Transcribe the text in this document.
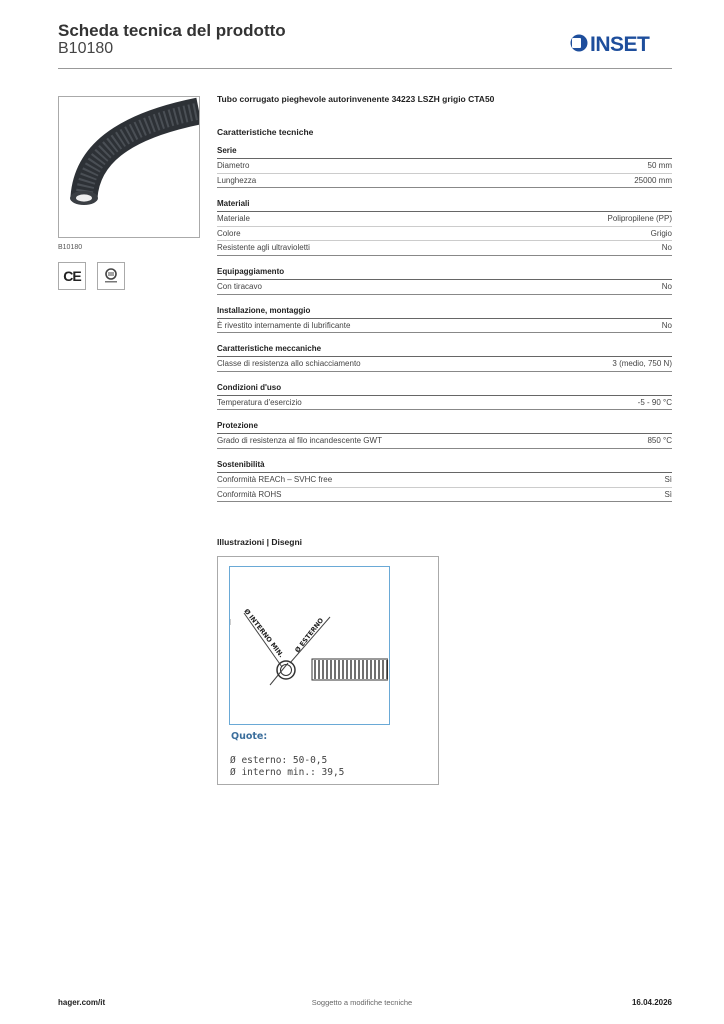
Scheda tecnica del prodotto
B10180	INSET
B10180
CE
Tubo corrugato pieghevole autorinvenente 34223 LSZH grigio CTA50
Caratteristiche tecniche
Serie
Diametro	50 mm
Lunghezza	25000 mm
Materiali
Materiale	Polipropilene (PP)
Colore	Grigio
Resistente agli ultravioletti	No
Equipaggiamento
Con tiracavo	No
Installazione, montaggio
È rivestito internamente di lubrificante	No
Caratteristiche meccaniche
Classe di resistenza allo schiacciamento	3 (medio, 750 N)
Condizioni d'uso
Temperatura d'esercizio	-5 - 90 °C
Protezione
Grado di resistenza al filo incandescente GWT	850 °C
Sostenibilità
Conformità REACh – SVHC free	Sì
Conformità ROHS	Sì
Illustrazioni | Disegni
Ø INTERNO MIN. Ø ESTERNO
Quote:
Ø esterno: 50-0,5
Ø interno min.: 39,5
hager.com/it	Soggetto a modifiche tecniche	16.04.2026
